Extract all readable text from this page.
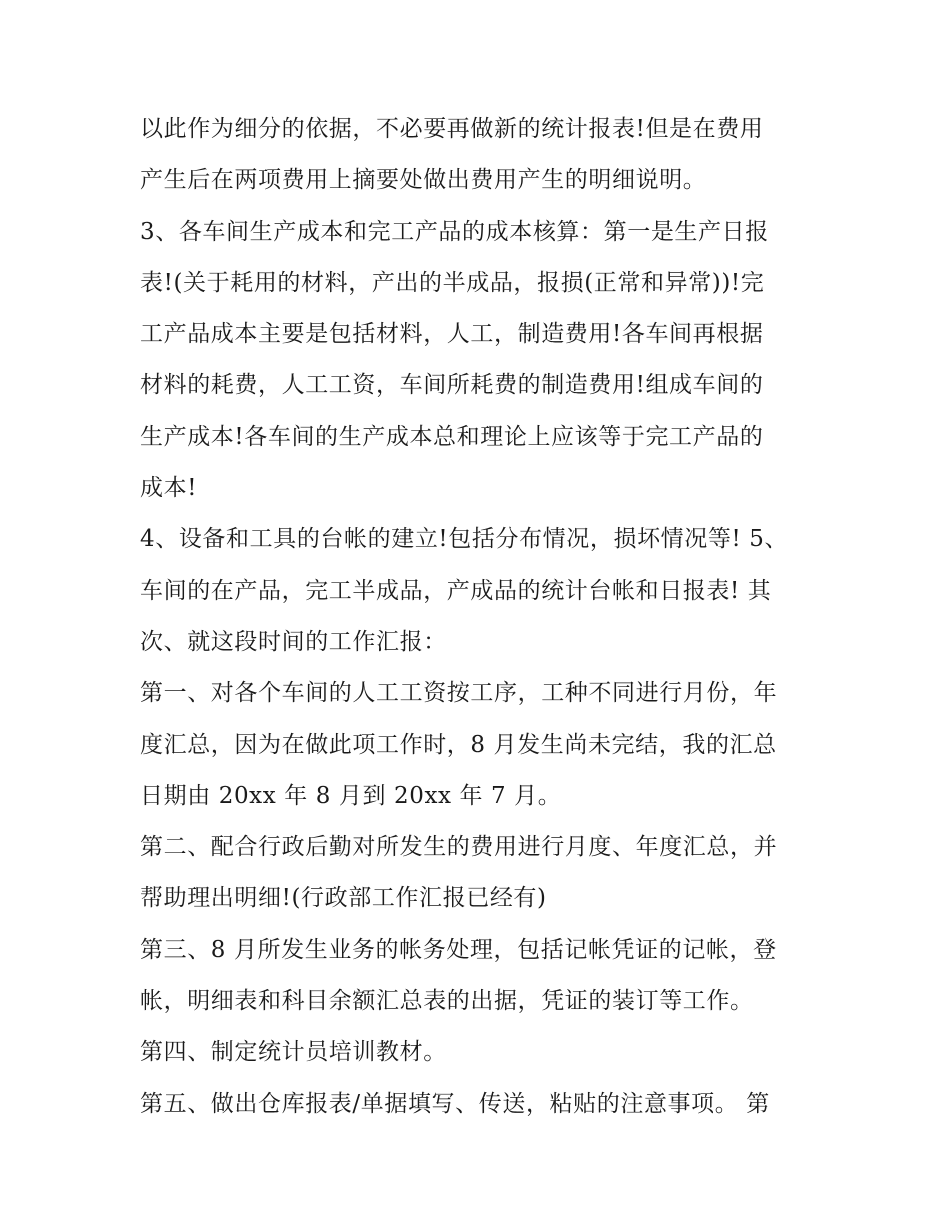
以此作为细分的依据，不必要再做新的统计报表!但是在费用
产生后在两项费用上摘要处做出费用产生的明细说明。
3、各车间生产成本和完工产品的成本核算：第一是生产日报
表!(关于耗用的材料，产出的半成品，报损(正常和异常))!完
工产品成本主要是包括材料，人工，制造费用!各车间再根据
材料的耗费，人工工资，车间所耗费的制造费用!组成车间的
生产成本!各车间的生产成本总和理论上应该等于完工产品的
成本!
4、设备和工具的台帐的建立!包括分布情况，损坏情况等! 5、
车间的在产品，完工半成品，产成品的统计台帐和日报表! 其
次、就这段时间的工作汇报：
第一、对各个车间的人工工资按工序，工种不同进行月份，年
度汇总，因为在做此项工作时，8 月发生尚未完结，我的汇总
日期由 20xx 年 8 月到 20xx 年 7 月。
第二、配合行政后勤对所发生的费用进行月度、年度汇总，并
帮助理出明细!(行政部工作汇报已经有)
第三、8 月所发生业务的帐务处理，包括记帐凭证的记帐，登
帐，明细表和科目余额汇总表的出据，凭证的装订等工作。
第四、制定统计员培训教材。
第五、做出仓库报表/单据填写、传送，粘贴的注意事项。 第
